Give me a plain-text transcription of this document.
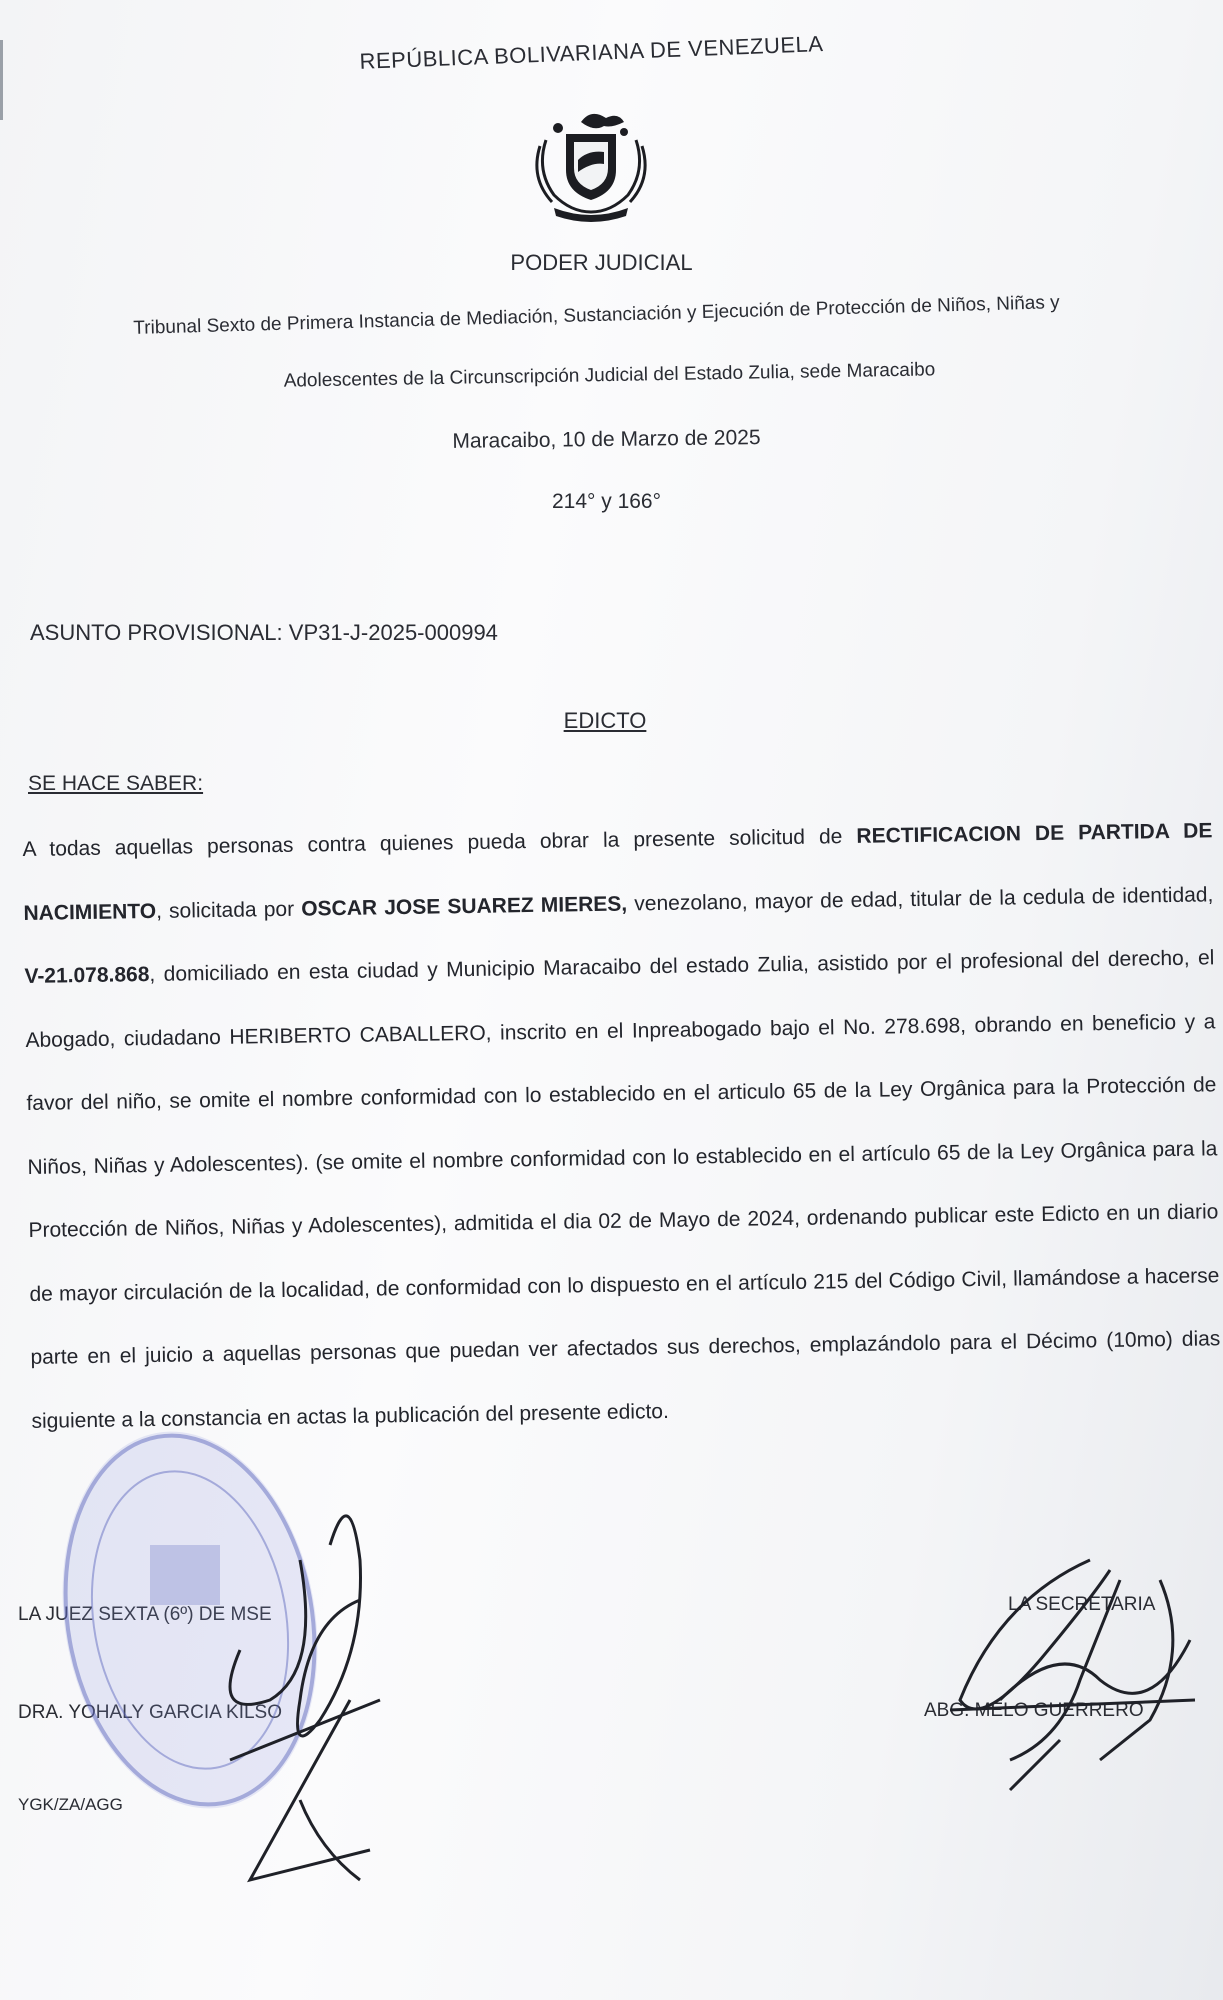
REPÚBLICA BOLIVARIANA DE VENEZUELA
PODER JUDICIAL
Tribunal Sexto de Primera Instancia de Mediación, Sustanciación y Ejecución de Protección de Niños, Niñas y
Adolescentes de la Circunscripción Judicial del Estado Zulia, sede Maracaibo
Maracaibo, 10 de Marzo de 2025
214° y 166°
ASUNTO PROVISIONAL: VP31-J-2025-000994
EDICTO
SE HACE SABER:
A todas aquellas personas contra quienes pueda obrar la presente solicitud de RECTIFICACION DE PARTIDA DE NACIMIENTO, solicitada por OSCAR JOSE SUAREZ MIERES, venezolano, mayor de edad, titular de la cedula de identidad, V-21.078.868, domiciliado en esta ciudad y Municipio Maracaibo del estado Zulia, asistido por el profesional del derecho, el Abogado, ciudadano HERIBERTO CABALLERO, inscrito en el Inpreabogado bajo el No. 278.698, obrando en beneficio y a favor del niño, se omite el nombre conformidad con lo establecido en el articulo 65 de la Ley Orgânica para la Protección de Niños, Niñas y Adolescentes). (se omite el nombre conformidad con lo establecido en el artículo 65 de la Ley Orgânica para la Protección de Niños, Niñas y Adolescentes), admitida el dia 02 de Mayo de 2024, ordenando publicar este Edicto en un diario de mayor circulación de la localidad, de conformidad con lo dispuesto en el artículo 215 del Código Civil, llamándose a hacerse parte en el juicio a aquellas personas que puedan ver afectados sus derechos, emplazándolo para el Décimo (10mo) dias siguiente a la constancia en actas la publicación del presente edicto.
LA JUEZ SEXTA (6º) DE MSE
DRA. YOHALY GARCIA KILSO
YGK/ZA/AGG
LA SECRETARIA
ABG. MELO GUERRERO
